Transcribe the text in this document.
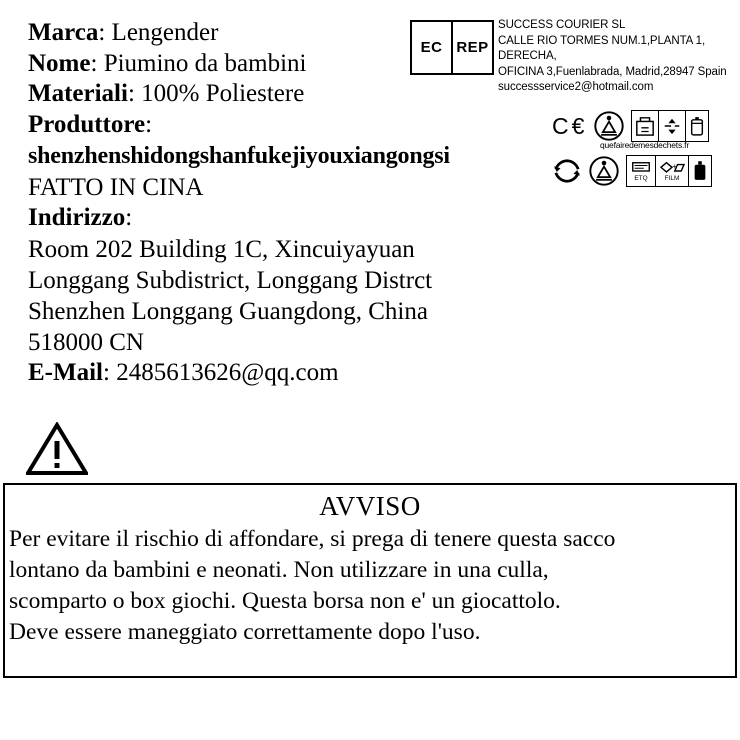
Marca: Lengender
Nome: Piumino da bambini
Materiali: 100% Poliestere
Produttore:
shenzhenshidongshanfukejiyouxiangongsi
FATTO IN CINA
Indirizzo:
Room 202 Building 1C, Xincuiyayuan
Longgang Subdistrict, Longgang Distrct
Shenzhen Longgang Guangdong, China
518000 CN
E-Mail: 2485613626@qq.com
EC REP
SUCCESS COURIER SL
CALLE RIO TORMES NUM.1,PLANTA 1, DERECHA,
OFICINA 3,Fuenlabrada, Madrid,28947 Spain
successservice2@hotmail.com
C€
quefairedemesdechets.fr
ETQ
+
FILM
AVVISO
Per evitare il rischio di affondare, si prega di tenere questa sacco
lontano da bambini e neonati. Non utilizzare in una culla,
scomparto o box giochi. Questa borsa non e' un giocattolo.
Deve essere maneggiato correttamente dopo l'uso.
